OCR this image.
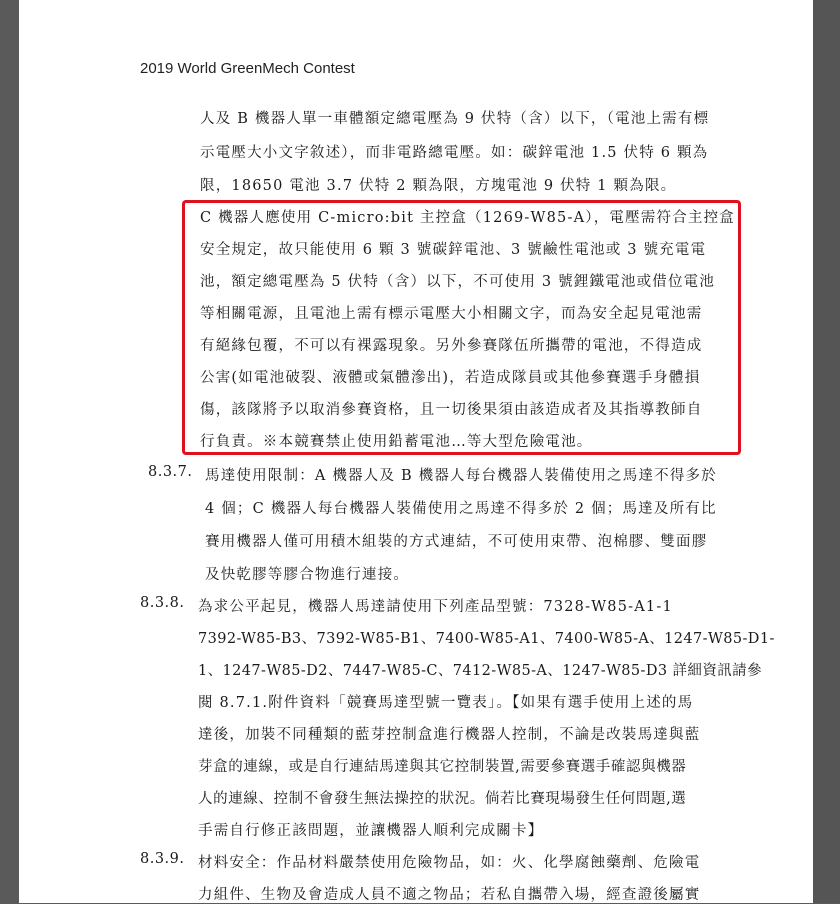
2019 World GreenMech Contest
人及 B 機器人單一車體額定總電壓為 9 伏特（含）以下，（電池上需有標
示電壓大小文字敘述），而非電路總電壓。如：碳鋅電池 1.5 伏特 6 顆為
限，18650 電池 3.7 伏特 2 顆為限，方塊電池 9 伏特 1 顆為限。
C 機器人應使用 C-micro:bit 主控盒（1269-W85-A），電壓需符合主控盒
安全規定，故只能使用 6 顆 3 號碳鋅電池、3 號鹼性電池或 3 號充電電
池，額定總電壓為 5 伏特（含）以下，不可使用 3 號鋰鐵電池或借位電池
等相關電源，且電池上需有標示電壓大小相關文字，而為安全起見電池需
有絕緣包覆，不可以有裸露現象。另外參賽隊伍所攜帶的電池，不得造成
公害(如電池破裂、液體或氣體滲出)，若造成隊員或其他參賽選手身體損
傷，該隊將予以取消參賽資格，且一切後果須由該造成者及其指導教師自
行負責。※本競賽禁止使用鉛蓄電池…等大型危險電池。
8.3.7. 馬達使用限制：A 機器人及 B 機器人每台機器人裝備使用之馬達不得多於
4 個；C 機器人每台機器人裝備使用之馬達不得多於 2 個；馬達及所有比
賽用機器人僅可用積木組裝的方式連結，不可使用束帶、泡棉膠、雙面膠
及快乾膠等膠合物進行連接。
8.3.8. 為求公平起見，機器人馬達請使用下列產品型號：7328-W85-A1-1
7392-W85-B3、7392-W85-B1、7400-W85-A1、7400-W85-A、1247-W85-D1-
1、1247-W85-D2、7447-W85-C、7412-W85-A、1247-W85-D3 詳細資訊請參
閱 8.7.1.附件資料「競賽馬達型號一覽表」。【如果有選手使用上述的馬
達後，加裝不同種類的藍芽控制盒進行機器人控制，不論是改裝馬達與藍
芽盒的連線，或是自行連結馬達與其它控制裝置,需要參賽選手確認與機器
人的連線、控制不會發生無法操控的狀況。倘若比賽現場發生任何問題,選
手需自行修正該問題，並讓機器人順利完成關卡】
8.3.9. 材料安全：作品材料嚴禁使用危險物品，如：火、化學腐蝕藥劑、危險電
力組件、生物及會造成人員不適之物品；若私自攜帶入場，經查證後屬實
